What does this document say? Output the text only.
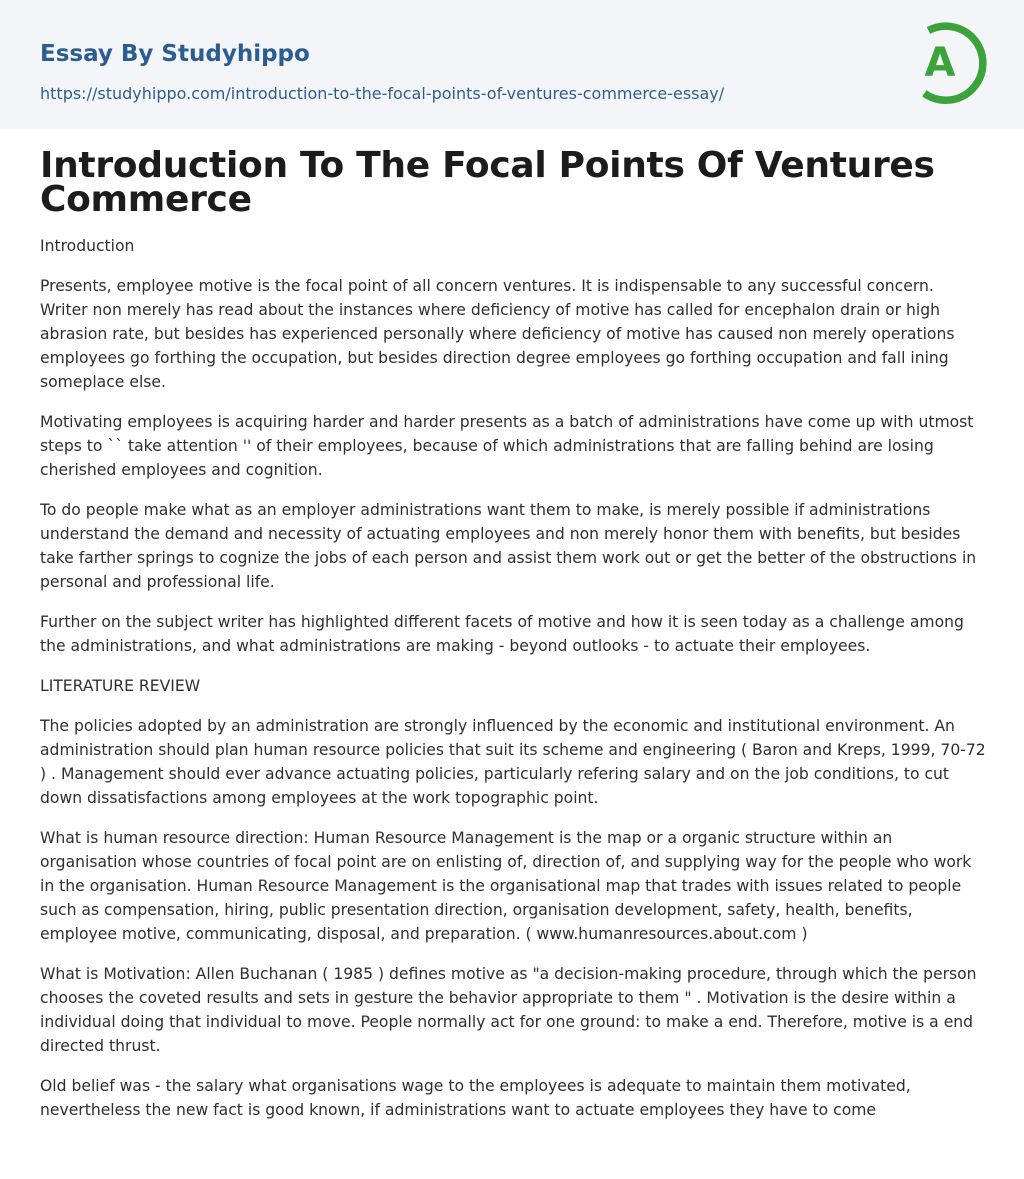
Essay By Studyhippo
https://studyhippo.com/introduction-to-the-focal-points-of-ventures-commerce-essay/
A
Introduction To The Focal Points Of Ventures Commerce

Introduction

Presents, employee motive is the focal point of all concern ventures. It is indispensable to any successful concern. Writer non merely has read about the instances where deficiency of motive has called for encephalon drain or high abrasion rate, but besides has experienced personally where deficiency of motive has caused non merely operations employees go forthing the occupation, but besides direction degree employees go forthing occupation and fall ining someplace else.

Motivating employees is acquiring harder and harder presents as a batch of administrations have come up with utmost steps to `` take attention '' of their employees, because of which administrations that are falling behind are losing cherished employees and cognition.

To do people make what as an employer administrations want them to make, is merely possible if administrations understand the demand and necessity of actuating employees and non merely honor them with benefits, but besides take farther springs to cognize the jobs of each person and assist them work out or get the better of the obstructions in personal and professional life.

Further on the subject writer has highlighted different facets of motive and how it is seen today as a challenge among the administrations, and what administrations are making - beyond outlooks - to actuate their employees.

LITERATURE REVIEW

The policies adopted by an administration are strongly influenced by the economic and institutional environment. An administration should plan human resource policies that suit its scheme and engineering ( Baron and Kreps, 1999, 70-72 ) . Management should ever advance actuating policies, particularly refering salary and on the job conditions, to cut down dissatisfactions among employees at the work topographic point.

What is human resource direction: Human Resource Management is the map or a organic structure within an organisation whose countries of focal point are on enlisting of, direction of, and supplying way for the people who work in the organisation. Human Resource Management is the organisational map that trades with issues related to people such as compensation, hiring, public presentation direction, organisation development, safety, health, benefits, employee motive, communicating, disposal, and preparation. ( www.humanresources.about.com )

What is Motivation: Allen Buchanan ( 1985 ) defines motive as "a decision-making procedure, through which the person chooses the coveted results and sets in gesture the behavior appropriate to them " . Motivation is the desire within a individual doing that individual to move. People normally act for one ground: to make a end. Therefore, motive is a end directed thrust.

Old belief was - the salary what organisations wage to the employees is adequate to maintain them motivated, nevertheless the new fact is good known, if administrations want to actuate employees they have to come
